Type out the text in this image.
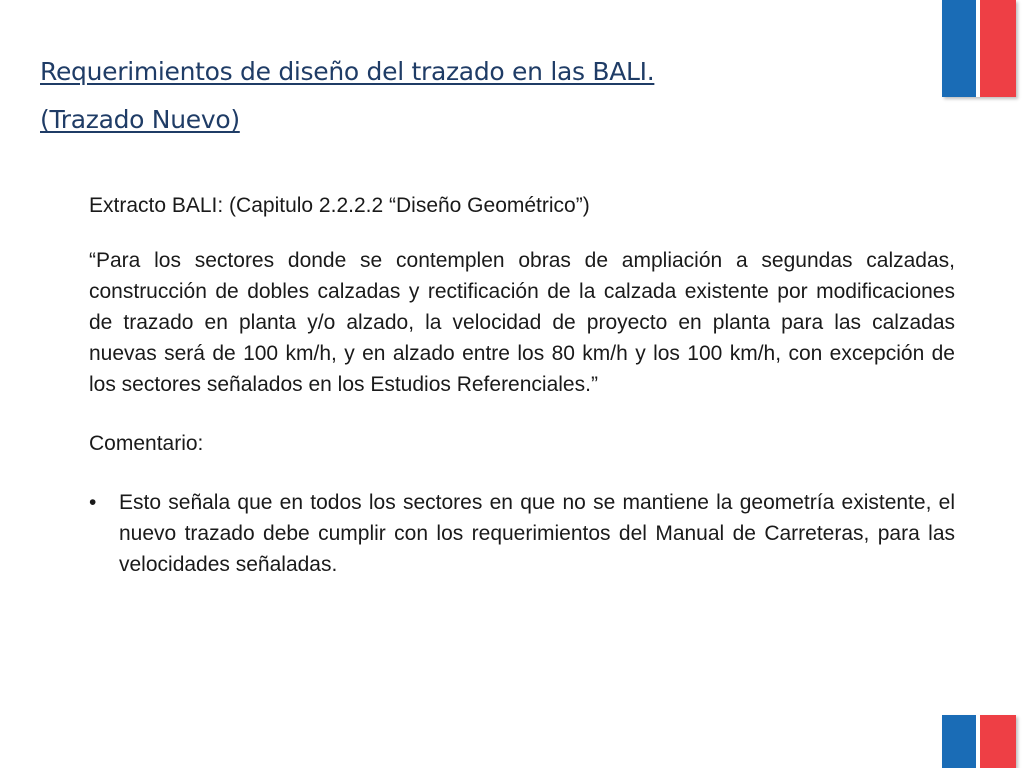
Requerimientos de diseño del trazado en las BALI.
(Trazado Nuevo)

Extracto BALI: (Capitulo 2.2.2.2 “Diseño Geométrico”)

“Para los sectores donde se contemplen obras de ampliación a segundas calzadas, construcción de dobles calzadas y rectificación de la calzada existente por modificaciones de trazado en planta y/o alzado, la velocidad de proyecto en planta para las calzadas nuevas será de 100 km/h, y en alzado entre los 80 km/h y los 100 km/h, con excepción de los sectores señalados en los Estudios Referenciales.”

Comentario:

•	Esto señala que en todos los sectores en que no se mantiene la geometría existente, el nuevo trazado debe cumplir con los requerimientos del Manual de Carreteras, para las velocidades señaladas.
